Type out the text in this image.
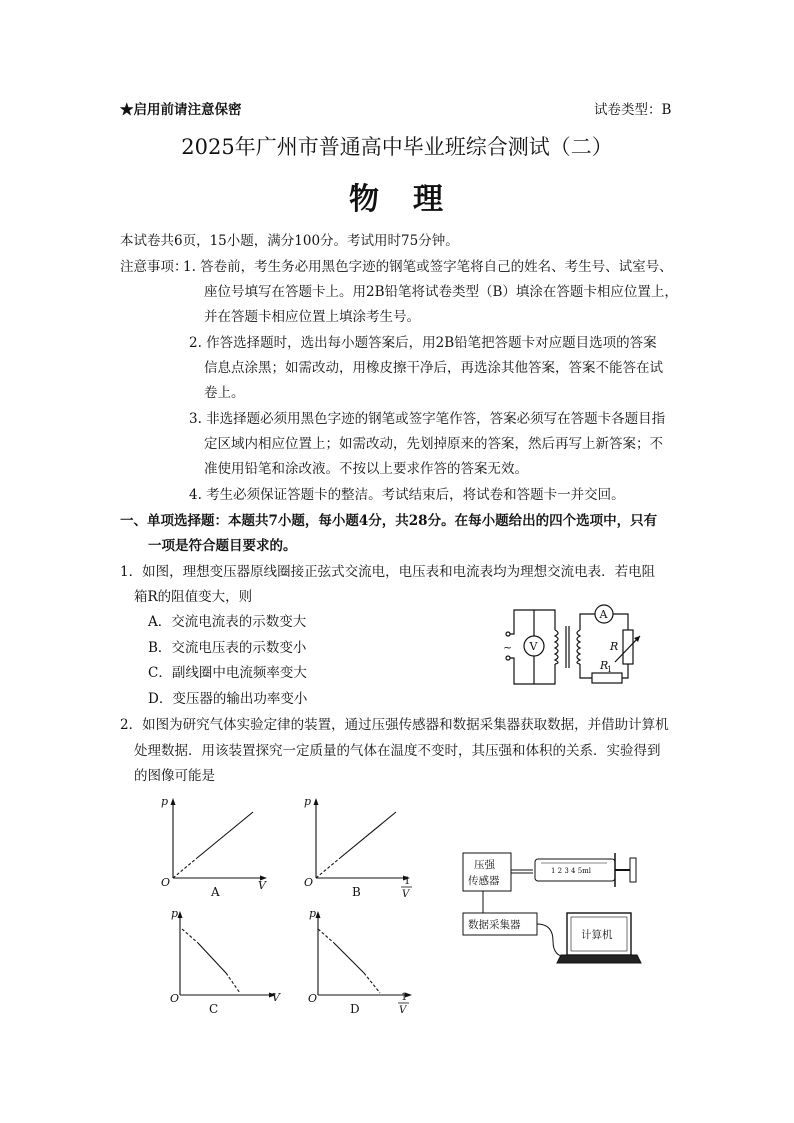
★启用前请注意保密	试卷类型：B
2025年广州市普通高中毕业班综合测试（二）
物　理
本试卷共6页，15小题，满分100分。考试用时75分钟。
注意事项：
1. 答卷前，考生务必用黑色字迹的钢笔或签字笔将自己的姓名、考生号、试室号、
座位号填写在答题卡上。用2B铅笔将试卷类型（B）填涂在答题卡相应位置上，
并在答题卡相应位置上填涂考生号。
2. 作答选择题时，选出每小题答案后，用2B铅笔把答题卡对应题目选项的答案
信息点涂黑；如需改动，用橡皮擦干净后，再选涂其他答案，答案不能答在试
卷上。
3. 非选择题必须用黑色字迹的钢笔或签字笔作答，答案必须写在答题卡各题目指
定区域内相应位置上；如需改动，先划掉原来的答案，然后再写上新答案；不
准使用铅笔和涂改液。不按以上要求作答的答案无效。
4. 考生必须保证答题卡的整洁。考试结束后，将试卷和答题卡一并交回。
一、单项选择题：本题共7小题，每小题4分，共28分。在每小题给出的四个选项中，只有
一项是符合题目要求的。
1．如图，理想变压器原线圈接正弦式交流电，电压表和电流表均为理想交流电表．若电阻
箱R的阻值变大，则
A．交流电流表的示数变大
B．交流电压表的示数变小
C．副线圈中电流频率变大
D．变压器的输出功率变小
~ V
A
R
R
1
2．如图为研究气体实验定律的装置，通过压强传感器和数据采集器获取数据，并借助计算机
处理数据．用该装置探究一定质量的气体在温度不变时，其压强和体积的关系．实验得到
的图像可能是
p
O	V
A
p
O	1
V
B
p
O	V
C
p
O	1
V
D
压强
传感器
1 2 3 4 5ml
数据采集器
计算机
